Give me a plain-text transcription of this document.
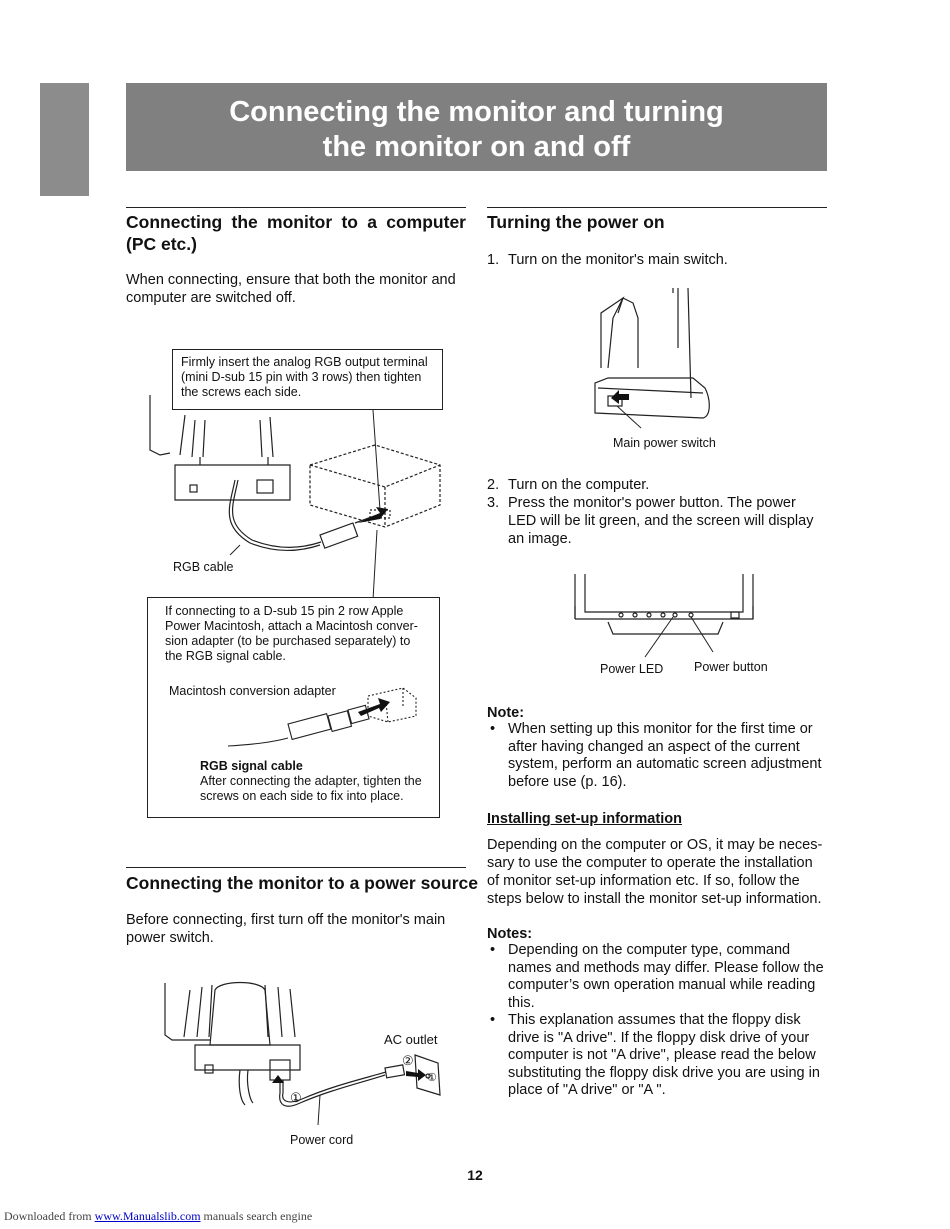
Connecting the monitor and turning
the monitor on and off
Connecting the monitor to a computer (PC etc.)

When connecting, ensure that both the monitor and computer are switched off.

Firmly insert the analog RGB output terminal (mini D-sub 15 pin with 3 rows) then tighten the screws each side.
RGB cable

If connecting to a D-sub 15 pin 2 row Apple Power Macintosh, attach a Macintosh conver-sion adapter (to be purchased separately) to the RGB signal cable.

Macintosh conversion adapter
RGB signal cable

After connecting the adapter, tighten the screws on each side to fix into place.

Connecting the monitor to a power source

Before connecting, first turn off the monitor's main power switch.

AC outlet
②
①
①
Power cord
Turning the power on
1. Turn on the monitor's main switch.
Main power switch
2. Turn on the computer.
3. Press the monitor's power button. The power LED will be lit green, and the screen will display an image.
Power LED Power button

Note:

• When setting up this monitor for the first time or after having changed an aspect of the current system, perform an automatic screen adjustment before use (p. 16).

Installing set-up information

Depending on the computer or OS, it may be neces-sary to use the computer to operate the installation of monitor set-up information etc. If so, follow the steps below to install the monitor set-up information.

Notes:

• Depending on the computer type, command names and methods may differ. Please follow the computer’s own operation manual while reading this.
• This explanation assumes that the floppy disk drive is "A drive". If the floppy disk drive of your computer is not "A drive", please read the below substituting the floppy disk drive you are using in place of "A drive" or "A ".
12
Downloaded from www.Manualslib.com manuals search engine
